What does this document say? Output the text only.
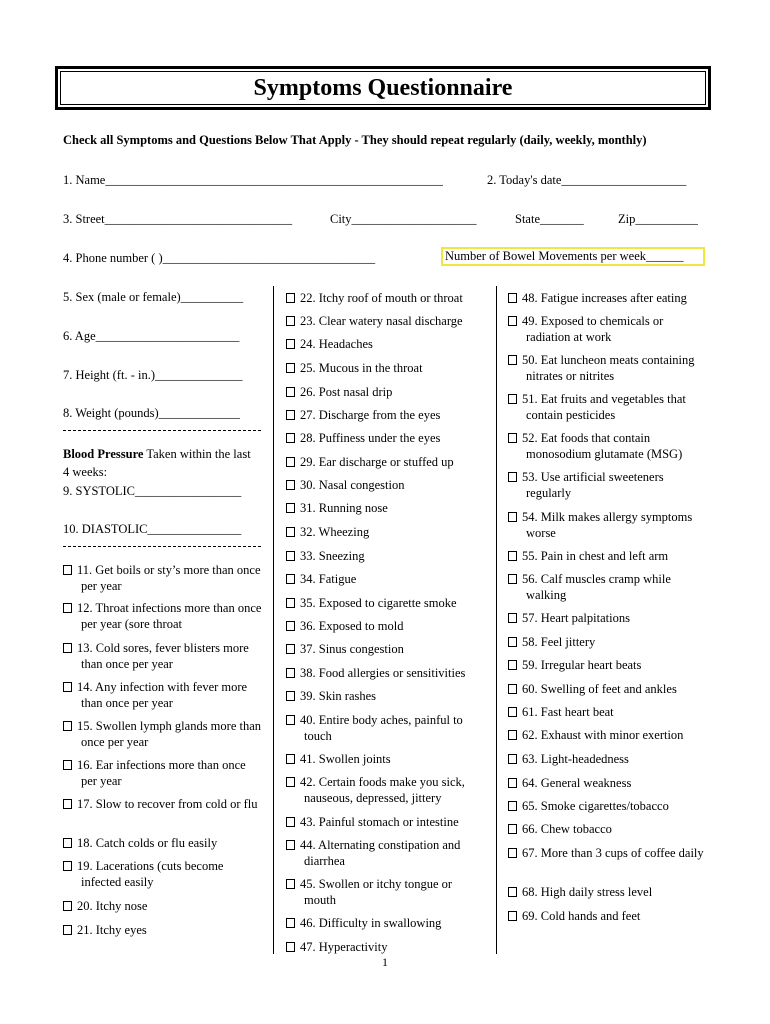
Symptoms Questionnaire
Check all Symptoms and Questions Below That Apply - They should repeat regularly (daily, weekly, monthly)
1. Name______________________________________________________	2. Today's date____________________
3. Street______________________________	City____________________	State_______	Zip__________
4. Phone number ( )__________________________________	Number of Bowel Movements per week______
5. Sex (male or female)__________
6. Age_______________________
7. Height (ft. - in.)______________
8. Weight (pounds)_____________
Blood Pressure Taken within the last 4 weeks:
9. SYSTOLIC_________________
10. DIASTOLIC_______________
11. Get boils or sty’s more than once per year
12. Throat infections more than once per year (sore throat
13. Cold sores, fever blisters more than once per year
14. Any infection with fever more than once per year
15. Swollen lymph glands more than once per year
16. Ear infections more than once per year
17. Slow to recover from cold or flu
18. Catch colds or flu easily
19. Lacerations (cuts become infected easily
20. Itchy nose
21. Itchy eyes
22. Itchy roof of mouth or throat
23. Clear watery nasal discharge
24. Headaches
25. Mucous in the throat
26. Post nasal drip
27. Discharge from the eyes
28. Puffiness under the eyes
29. Ear discharge or stuffed up
30. Nasal congestion
31. Running nose
32. Wheezing
33. Sneezing
34. Fatigue
35. Exposed to cigarette smoke
36. Exposed to mold
37. Sinus congestion
38. Food allergies or sensitivities
39. Skin rashes
40. Entire body aches, painful to touch
41. Swollen joints
42. Certain foods make you sick, nauseous, depressed, jittery
43. Painful stomach or intestine
44. Alternating constipation and diarrhea
45. Swollen or itchy tongue or mouth
46. Difficulty in swallowing
47. Hyperactivity
48. Fatigue increases after eating
49. Exposed to chemicals or radiation at work
50. Eat luncheon meats containing nitrates or nitrites
51. Eat fruits and vegetables that contain pesticides
52. Eat foods that contain monosodium glutamate (MSG)
53. Use artificial sweeteners regularly
54. Milk makes allergy symptoms worse
55. Pain in chest and left arm
56. Calf muscles cramp while walking
57. Heart palpitations
58. Feel jittery
59. Irregular heart beats
60. Swelling of feet and ankles
61. Fast heart beat
62. Exhaust with minor exertion
63. Light-headedness
64. General weakness
65. Smoke cigarettes/tobacco
66. Chew tobacco
67. More than 3 cups of coffee daily
68. High daily stress level
69. Cold hands and feet
1
